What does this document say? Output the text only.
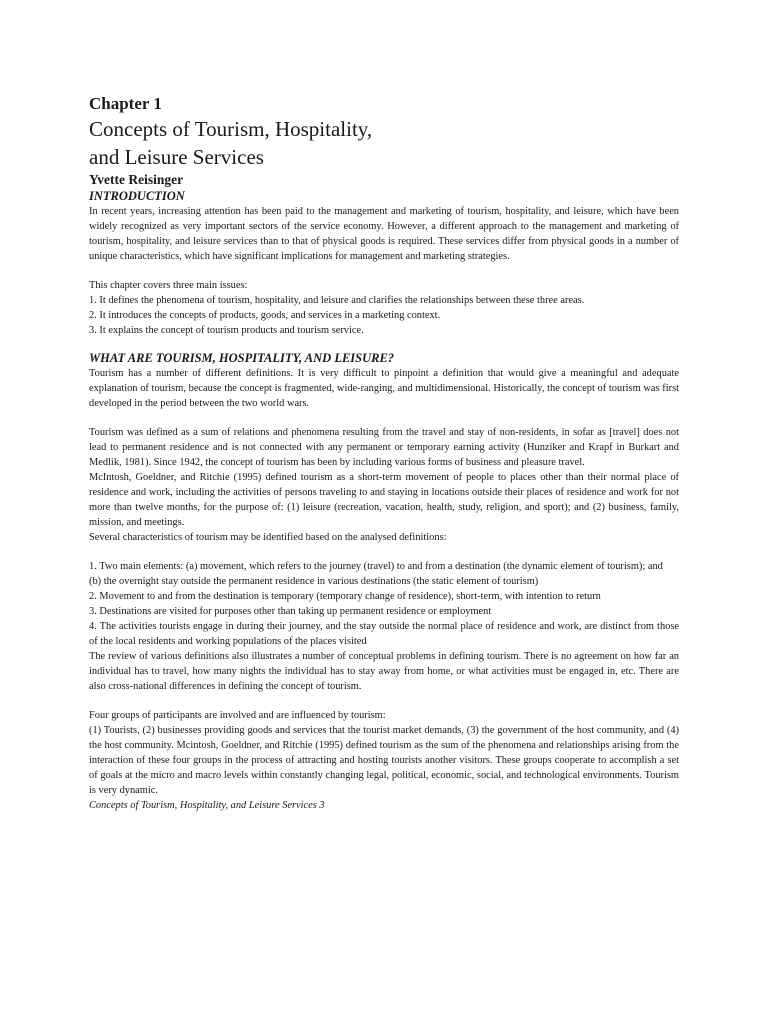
Chapter 1
Concepts of Tourism, Hospitality,
and Leisure Services
Yvette Reisinger
INTRODUCTION

In recent years, increasing attention has been paid to the management and marketing of tourism, hospitality, and leisure, which have been widely recognized as very important sectors of the service economy. However, a different approach to the management and marketing of tourism, hospitality, and leisure services than to that of physical goods is required. These services differ from physical goods in a number of unique characteristics, which have significant implications for management and marketing strategies.

This chapter covers three main issues:

1. It defines the phenomena of tourism, hospitality, and leisure and clarifies the relationships between these three areas.

2. It introduces the concepts of products, goods, and services in a marketing context.

3. It explains the concept of tourism products and tourism service.

WHAT ARE TOURISM, HOSPITALITY, AND LEISURE?

Tourism has a number of different definitions. It is very difficult to pinpoint a definition that would give a meaningful and adequate explanation of tourism, because the concept is fragmented, wide-ranging, and multidimensional. Historically, the concept of tourism was first developed in the period between the two world wars.

Tourism was defined as a sum of relations and phenomena resulting from the travel and stay of non-residents, in sofar as [travel] does not lead to permanent residence and is not connected with any permanent or temporary earning activity (Hunziker and Krapf in Burkart and Medlik, 1981). Since 1942, the concept of tourism has been by including various forms of business and pleasure travel.

McIntosh, Goeldner, and Ritchie (1995) defined tourism as a short-term movement of people to places other than their normal place of residence and work, including the activities of persons traveling to and staying in locations outside their places of residence and work for not more than twelve months, for the purpose of: (1) leisure (recreation, vacation, health, study, religion, and sport); and (2) business, family, mission, and meetings.

Several characteristics of tourism may be identified based on the analysed definitions:

1. Two main elements: (a) movement, which refers to the journey (travel) to and from a destination (the dynamic element of tourism); and

(b) the overnight stay outside the permanent residence in various destinations (the static element of tourism)

2. Movement to and from the destination is temporary (temporary change of residence), short-term, with intention to return

3. Destinations are visited for purposes other than taking up permanent residence or employment

4. The activities tourists engage in during their journey, and the stay outside the normal place of residence and work, are distinct from those of the local residents and working populations of the places visited

The review of various definitions also illustrates a number of conceptual problems in defining tourism. There is no agreement on how far an individual has to travel, how many nights the individual has to stay away from home, or what activities must be engaged in, etc. There are also cross-national differences in defining the concept of tourism.

Four groups of participants are involved and are influenced by tourism:

(1) Tourists, (2) businesses providing goods and services that the tourist market demands, (3) the government of the host community, and (4) the host community. Mcintosh, Goeldner, and Ritchie (1995) defined tourism as the sum of the phenomena and relationships arising from the interaction of these four groups in the process of attracting and hosting tourists another visitors. These groups cooperate to accomplish a set of goals at the micro and macro levels within constantly changing legal, political, economic, social, and technological environments. Tourism is very dynamic.

Concepts of Tourism, Hospitality, and Leisure Services 3
